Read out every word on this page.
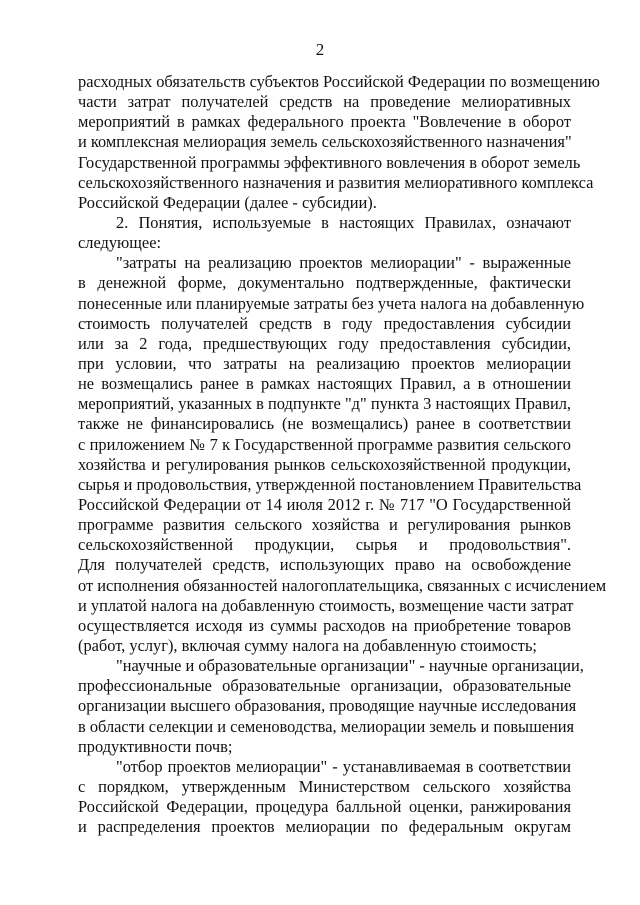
2
расходных обязательств субъектов Российской Федерации по возмещению
части затрат получателей средств на проведение мелиоративных
мероприятий в рамках федерального проекта "Вовлечение в оборот
и комплексная мелиорация земель сельскохозяйственного назначения"
Государственной программы эффективного вовлечения в оборот земель
сельскохозяйственного назначения и развития мелиоративного комплекса
Российской Федерации (далее - субсидии).
2. Понятия, используемые в настоящих Правилах, означают
следующее:
"затраты на реализацию проектов мелиорации" - выраженные
в денежной форме, документально подтвержденные, фактически
понесенные или планируемые затраты без учета налога на добавленную
стоимость получателей средств в году предоставления субсидии
или за 2 года, предшествующих году предоставления субсидии,
при условии, что затраты на реализацию проектов мелиорации
не возмещались ранее в рамках настоящих Правил, а в отношении
мероприятий, указанных в подпункте "д" пункта 3 настоящих Правил,
также не финансировались (не возмещались) ранее в соответствии
с приложением № 7 к Государственной программе развития сельского
хозяйства и регулирования рынков сельскохозяйственной продукции,
сырья и продовольствия, утвержденной постановлением Правительства
Российской Федерации от 14 июля 2012 г. № 717 "О Государственной
программе развития сельского хозяйства и регулирования рынков
сельскохозяйственной продукции, сырья и продовольствия".
Для получателей средств, использующих право на освобождение
от исполнения обязанностей налогоплательщика, связанных с исчислением
и уплатой налога на добавленную стоимость, возмещение части затрат
осуществляется исходя из суммы расходов на приобретение товаров
(работ, услуг), включая сумму налога на добавленную стоимость;
"научные и образовательные организации" - научные организации,
профессиональные образовательные организации, образовательные
организации высшего образования, проводящие научные исследования
в области селекции и семеноводства, мелиорации земель и повышения
продуктивности почв;
"отбор проектов мелиорации" - устанавливаемая в соответствии
с порядком, утвержденным Министерством сельского хозяйства
Российской Федерации, процедура балльной оценки, ранжирования
и распределения проектов мелиорации по федеральным округам
